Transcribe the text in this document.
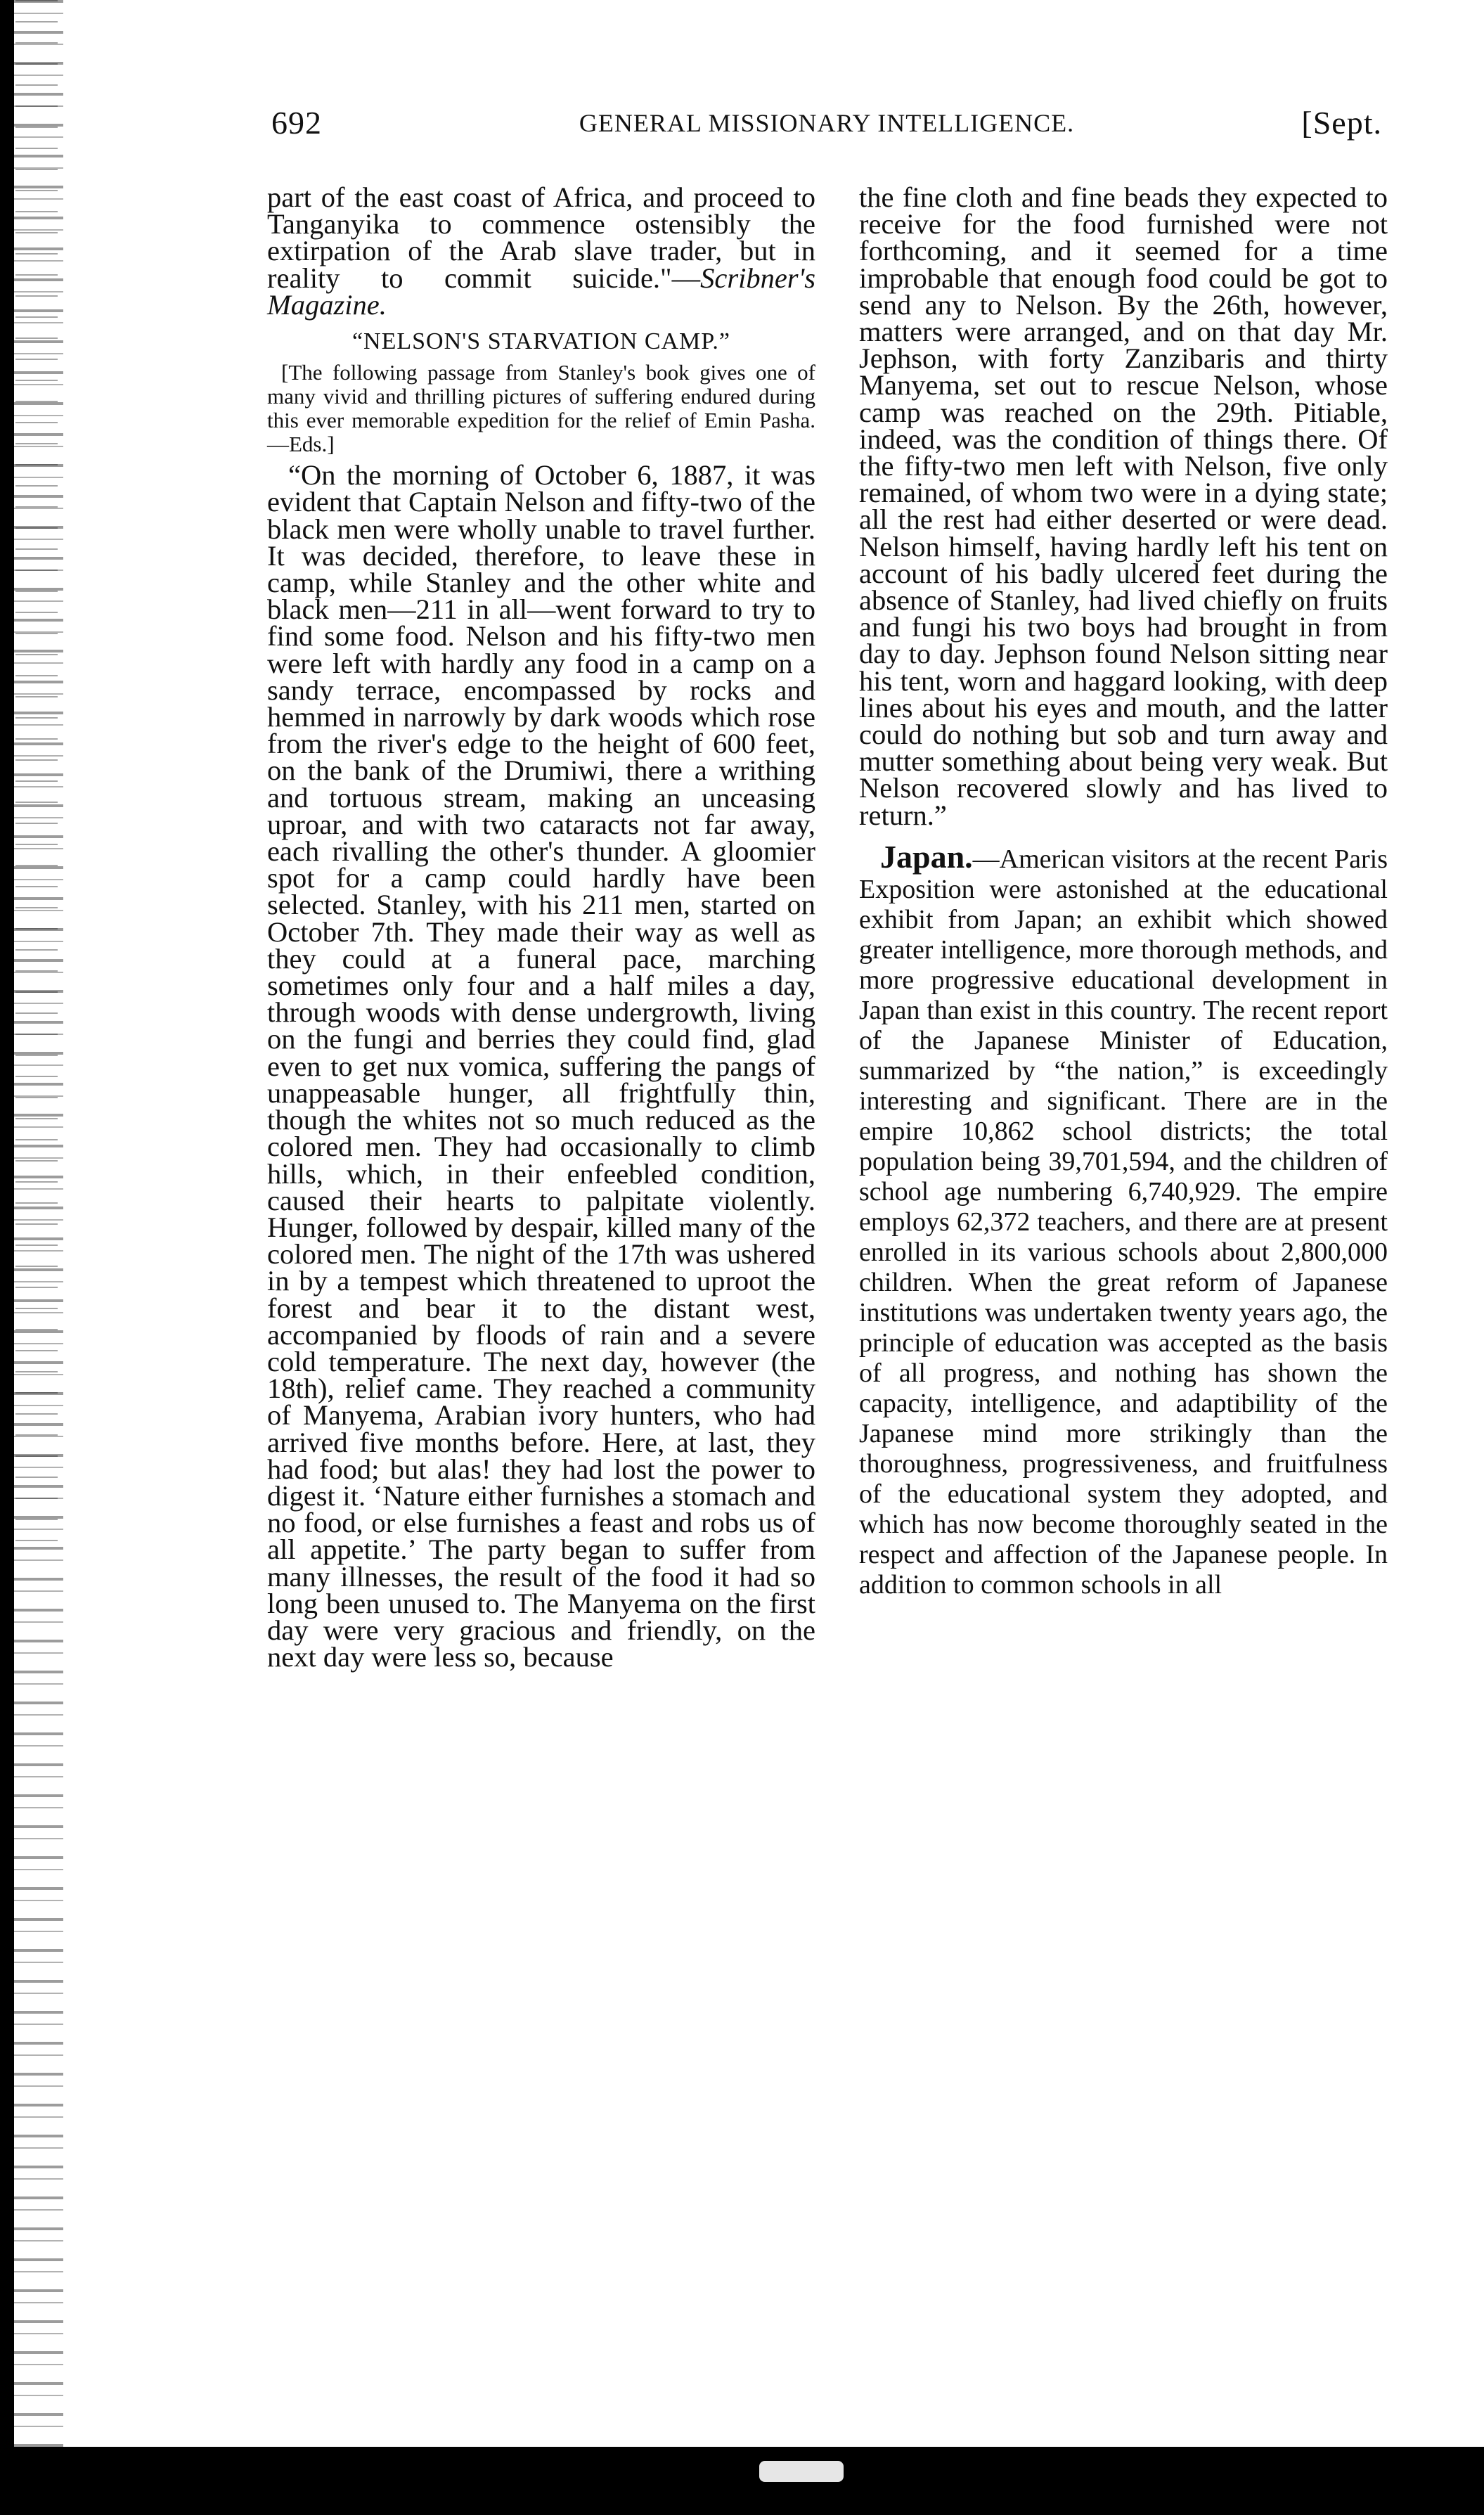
692	GENERAL MISSIONARY INTELLIGENCE.	[Sept.

part of the east coast of Africa, and proceed to Tanganyika to commence ostensibly the extirpation of the Arab slave trader, but in reality to commit suicide."—Scribner's Magazine.

“NELSON'S STARVATION CAMP.”

[The following passage from Stanley's book gives one of many vivid and thrilling pictures of suffering endured during this ever memorable expedition for the relief of Emin Pasha.—Eds.]

“On the morning of October 6, 1887, it was evident that Captain Nelson and fifty-two of the black men were wholly unable to travel further. It was decided, therefore, to leave these in camp, while Stanley and the other white and black men—211 in all—went forward to try to find some food. Nelson and his fifty-two men were left with hardly any food in a camp on a sandy terrace, encompassed by rocks and hemmed in narrowly by dark woods which rose from the river's edge to the height of 600 feet, on the bank of the Drumiwi, there a writhing and tortuous stream, making an unceasing uproar, and with two cataracts not far away, each rivalling the other's thunder. A gloomier spot for a camp could hardly have been selected. Stanley, with his 211 men, started on October 7th. They made their way as well as they could at a funeral pace, marching sometimes only four and a half miles a day, through woods with dense undergrowth, living on the fungi and berries they could find, glad even to get nux vomica, suffering the pangs of unappeasable hunger, all frightfully thin, though the whites not so much reduced as the colored men. They had occasionally to climb hills, which, in their enfeebled condition, caused their hearts to palpitate violently. Hunger, followed by despair, killed many of the colored men. The night of the 17th was ushered in by a tempest which threatened to uproot the forest and bear it to the distant west, accompanied by floods of rain and a severe cold temperature. The next day, however (the 18th), relief came. They reached a community of Manyema, Arabian ivory hunters, who had arrived five months before. Here, at last, they had food; but alas! they had lost the power to digest it. ‘Nature either furnishes a stomach and no food, or else furnishes a feast and robs us of all appetite.’ The party began to suffer from many illnesses, the result of the food it had so long been unused to. The Manyema on the first day were very gracious and friendly, on the next day were less so, because

the fine cloth and fine beads they expected to receive for the food furnished were not forthcoming, and it seemed for a time improbable that enough food could be got to send any to Nelson. By the 26th, however, matters were arranged, and on that day Mr. Jephson, with forty Zanzibaris and thirty Manyema, set out to rescue Nelson, whose camp was reached on the 29th. Pitiable, indeed, was the condition of things there. Of the fifty-two men left with Nelson, five only remained, of whom two were in a dying state; all the rest had either deserted or were dead. Nelson himself, having hardly left his tent on account of his badly ulcered feet during the absence of Stanley, had lived chiefly on fruits and fungi his two boys had brought in from day to day. Jephson found Nelson sitting near his tent, worn and haggard looking, with deep lines about his eyes and mouth, and the latter could do nothing but sob and turn away and mutter something about being very weak. But Nelson recovered slowly and has lived to return.”

Japan.—American visitors at the recent Paris Exposition were astonished at the educational exhibit from Japan; an exhibit which showed greater intelligence, more thorough methods, and more progressive educational development in Japan than exist in this country. The recent report of the Japanese Minister of Education, summarized by “the nation,” is exceedingly interesting and significant. There are in the empire 10,862 school districts; the total population being 39,701,594, and the children of school age numbering 6,740,929. The empire employs 62,372 teachers, and there are at present enrolled in its various schools about 2,800,000 children. When the great reform of Japanese institutions was undertaken twenty years ago, the principle of education was accepted as the basis of all progress, and nothing has shown the capacity, intelligence, and adaptibility of the Japanese mind more strikingly than the thoroughness, progressiveness, and fruitfulness of the educational system they adopted, and which has now become thoroughly seated in the respect and affection of the Japanese people. In addition to common schools in all
